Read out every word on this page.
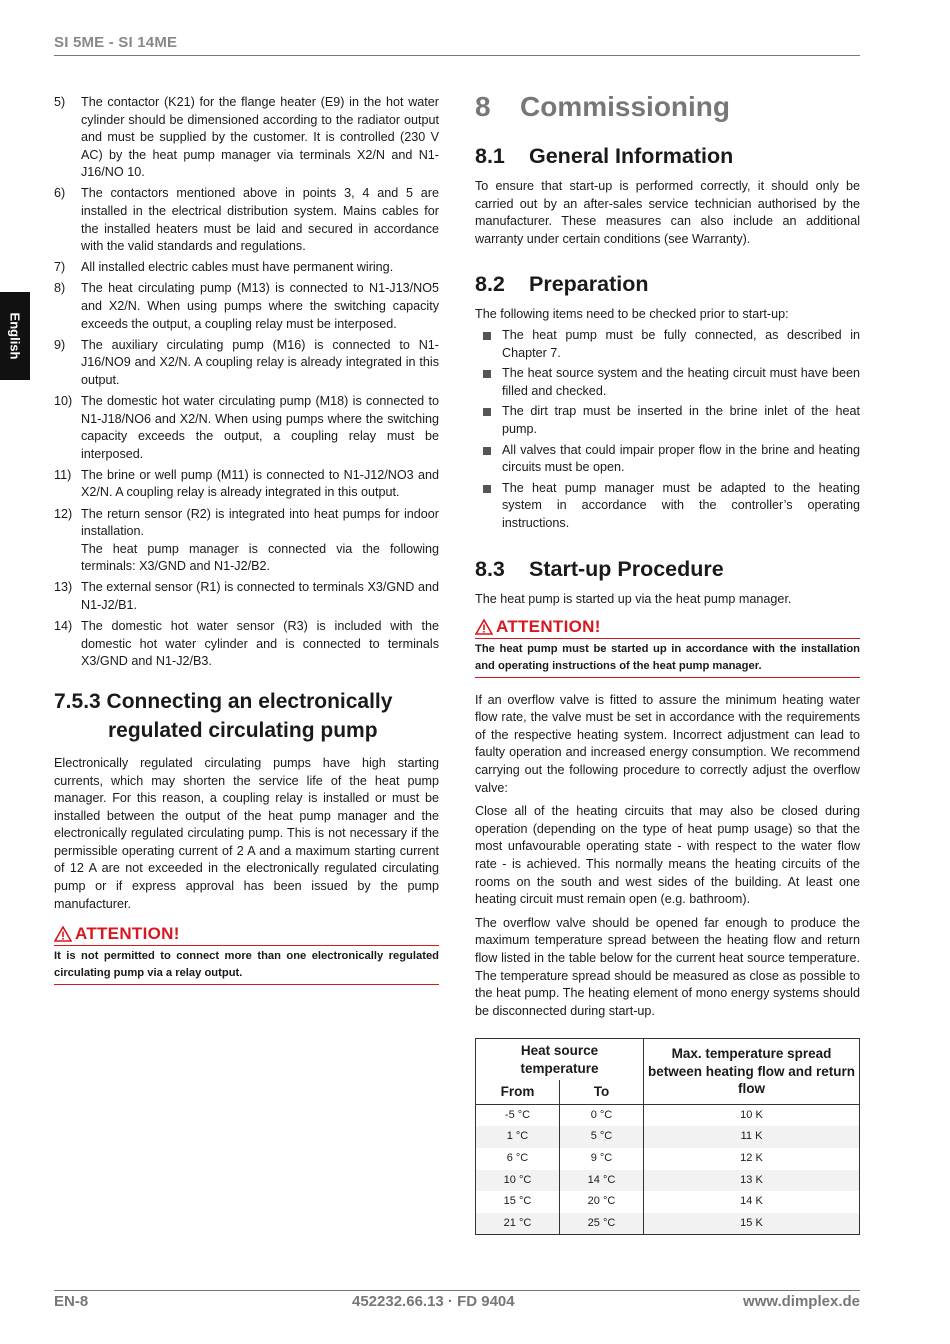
SI 5ME - SI 14ME
English
5)	The contactor (K21) for the flange heater (E9) in the hot water cylinder should be dimensioned according to the radiator output and must be supplied by the customer. It is controlled (230 V AC) by the heat pump manager via terminals X2/N and N1-J16/NO 10.

6)	The contactors mentioned above in points 3, 4 and 5 are installed in the electrical distribution system. Mains cables for the installed heaters must be laid and secured in accordance with the valid standards and regulations.

7)	All installed electric cables must have permanent wiring.

8)	The heat circulating pump (M13) is connected to N1-J13/NO5 and X2/N. When using pumps where the switching capacity exceeds the output, a coupling relay must be interposed.

9)	The auxiliary circulating pump (M16) is connected to N1-J16/NO9 and X2/N. A coupling relay is already integrated in this output.

10) The domestic hot water circulating pump (M18) is connected to N1-J18/NO6 and X2/N. When using pumps where the switching capacity exceeds the output, a coupling relay must be interposed.

11) The brine or well pump (M11) is connected to N1-J12/NO3 and X2/N. A coupling relay is already integrated in this output.

12) The return sensor (R2) is integrated into heat pumps for indoor installation.

The heat pump manager is connected via the following terminals: X3/GND and N1-J2/B2.

13) The external sensor (R1) is connected to terminals X3/GND and N1-J2/B1.

14) The domestic hot water sensor (R3) is included with the domestic hot water cylinder and is connected to terminals X3/GND and N1-J2/B3.

7.5.3 Connecting an electronically
regulated circulating pump

Electronically regulated circulating pumps have high starting currents, which may shorten the service life of the heat pump manager. For this reason, a coupling relay is installed or must be installed between the output of the heat pump manager and the electronically regulated circulating pump. This is not necessary if the permissible operating current of 2 A and a maximum starting current of 12 A are not exceeded in the electronically regulated circulating pump or if express approval has been issued by the pump manufacturer.

ATTENTION!
It is not permitted to connect more than one electronically regulated circulating pump via a relay output.
8	Commissioning
8.1	General Information

To ensure that start-up is performed correctly, it should only be carried out by an after-sales service technician authorised by the manufacturer. These measures can also include an additional warranty under certain conditions (see Warranty).

8.2	Preparation

The following items need to be checked prior to start-up:

The heat pump must be fully connected, as described in Chapter 7.
The heat source system and the heating circuit must have been filled and checked.
The dirt trap must be inserted in the brine inlet of the heat pump.
All valves that could impair proper flow in the brine and heating circuits must be open.
The heat pump manager must be adapted to the heating system in accordance with the controller’s operating instructions.
8.3	Start-up Procedure

The heat pump is started up via the heat pump manager.

ATTENTION!
The heat pump must be started up in accordance with the installation and operating instructions of the heat pump manager.

If an overflow valve is fitted to assure the minimum heating water flow rate, the valve must be set in accordance with the requirements of the respective heating system. Incorrect adjustment can lead to faulty operation and increased energy consumption. We recommend carrying out the following procedure to correctly adjust the overflow valve:

Close all of the heating circuits that may also be closed during operation (depending on the type of heat pump usage) so that the most unfavourable operating state - with respect to the water flow rate - is achieved. This normally means the heating circuits of the rooms on the south and west sides of the building. At least one heating circuit must remain open (e.g. bathroom).

The overflow valve should be opened far enough to produce the maximum temperature spread between the heating flow and return flow listed in the table below for the current heat source temperature. The temperature spread should be measured as close as possible to the heat pump. The heating element of mono energy systems should be disconnected during start-up.

Heat source temperature		Max. temperature spread between heating flow and return flow
From	To	
-5 °C	0 °C	10 K
1 °C	5 °C	11 K
6 °C	9 °C	12 K
10 °C	14 °C	13 K
15 °C	20 °C	14 K
21 °C	25 °C	15 K
EN-8	452232.66.13 · FD 9404	www.dimplex.de
